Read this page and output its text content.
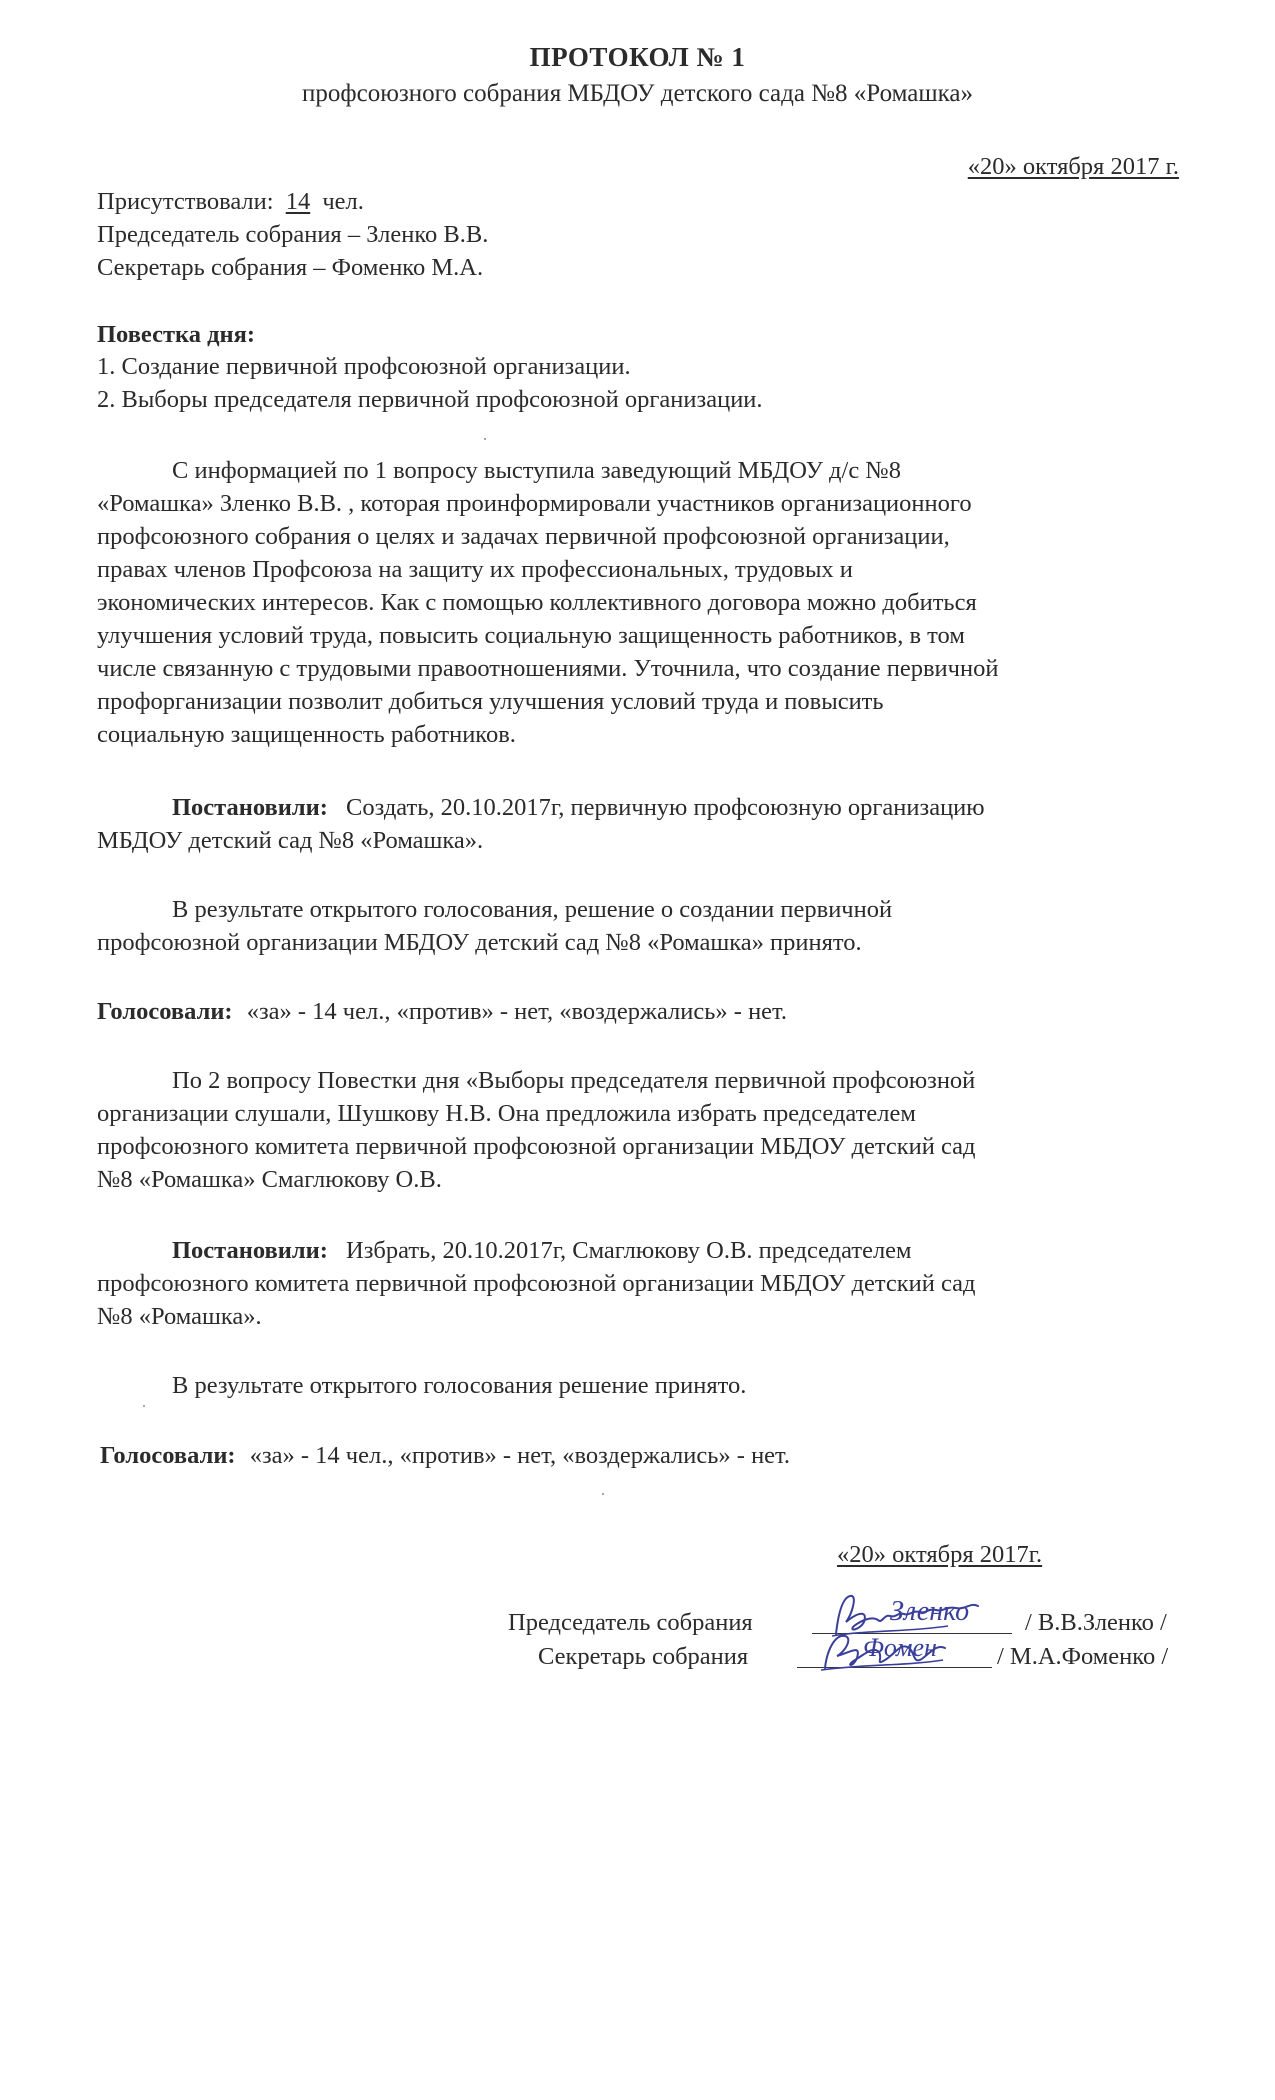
ПРОТОКОЛ № 1
профсоюзного собрания МБДОУ детского сада №8 «Ромашка»
«20» октября 2017 г.
Присутствовали: 14 чел.
Председатель собрания – Зленко В.В.
Секретарь собрания – Фоменко М.А.
Повестка дня:
1. Создание первичной профсоюзной организации.
2. Выборы председателя первичной профсоюзной организации.
С информацией по 1 вопросу выступила заведующий МБДОУ д/с №8
«Ромашка» Зленко В.В. , которая проинформировали участников организационного
профсоюзного собрания о целях и задачах первичной профсоюзной организации,
правах членов Профсоюза на защиту их профессиональных, трудовых и
экономических интересов. Как с помощью коллективного договора можно добиться
улучшения условий труда, повысить социальную защищенность работников, в том
числе связанную с трудовыми правоотношениями. Уточнила, что создание первичной
профорганизации позволит добиться улучшения условий труда и повысить
социальную защищенность работников.
Постановили: Создать, 20.10.2017г, первичную профсоюзную организацию
МБДОУ детский сад №8 «Ромашка».
В результате открытого голосования, решение о создании первичной
профсоюзной организации МБДОУ детский сад №8 «Ромашка» принято.
Голосовали: «за» - 14 чел., «против» - нет, «воздержались» - нет.
По 2 вопросу Повестки дня «Выборы председателя первичной профсоюзной
организации слушали, Шушкову Н.В. Она предложила избрать председателем
профсоюзного комитета первичной профсоюзной организации МБДОУ детский сад
№8 «Ромашка» Смаглюкову О.В.
Постановили: Избрать, 20.10.2017г, Смаглюкову О.В. председателем
профсоюзного комитета первичной профсоюзной организации МБДОУ детский сад
№8 «Ромашка».
В результате открытого голосования решение принято.
Голосовали: «за» - 14 чел., «против» - нет, «воздержались» - нет.
«20» октября 2017г.
Председатель собрания	Зленко / В.В.Зленко /
Секретарь собрания	Фомен / М.А.Фоменко /
